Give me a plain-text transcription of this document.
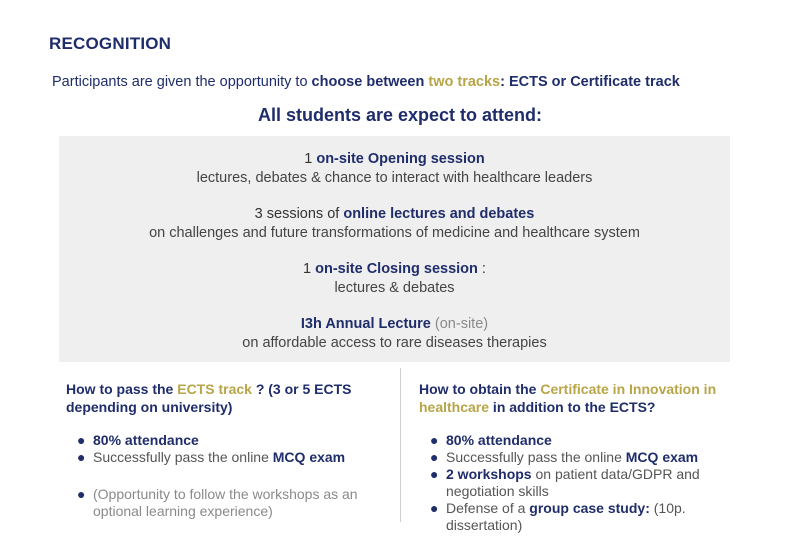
RECOGNITION
Participants are given the opportunity to choose between two tracks: ECTS or Certificate track
All students are expect to attend:
1 on-site Opening session
lectures, debates & chance to interact with healthcare leaders
3 sessions of online lectures and debates
on challenges and future transformations of medicine and healthcare system
1 on-site Closing session :
lectures & debates
I3h Annual Lecture (on-site)
on affordable access to rare diseases therapies
How to pass the ECTS track ? (3 or 5 ECTS depending on university)
● 80% attendance
● Successfully pass the online MCQ exam
● (Opportunity to follow the workshops as an optional learning experience)
How to obtain the Certificate in Innovation in healthcare in addition to the ECTS?
● 80% attendance
● Successfully pass the online MCQ exam
● 2 workshops on patient data/GDPR and negotiation skills
● Defense of a group case study: (10p. dissertation)
